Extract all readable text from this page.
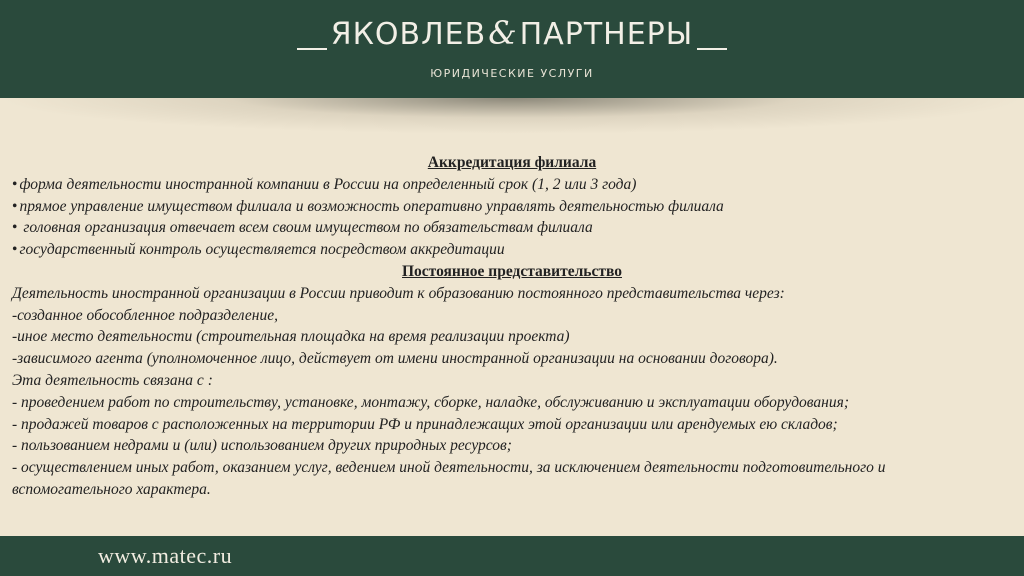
ЯКОВЛЕВ&ПАРТНЕРЫ
ЮРИДИЧЕСКИЕ УСЛУГИ
Аккредитация филиала
• форма деятельности иностранной компании в России на определенный срок (1, 2 или 3 года)
• прямое управление имуществом филиала и возможность оперативно управлять деятельностью филиала
• головная организация отвечает всем своим имуществом по обязательствам филиала
• государственный контроль осуществляется посредством аккредитации
Постоянное представительство
Деятельность иностранной организации в России приводит к образованию постоянного представительства через:
-созданное обособленное подразделение,
-иное место деятельности (строительная площадка на время реализации проекта)
-зависимого агента (уполномоченное лицо, действует от имени иностранной организации на основании договора).
Эта деятельность связана с :
- проведением работ по строительству, установке, монтажу, сборке, наладке, обслуживанию и эксплуатации оборудования;
- продажей товаров с расположенных на территории РФ и принадлежащих этой организации или арендуемых ею складов;
- пользованием недрами и (или) использованием других природных ресурсов;
- осуществлением иных работ, оказанием услуг, ведением иной деятельности, за исключением деятельности подготовительного и вспомогательного характера.
www.matec.ru
